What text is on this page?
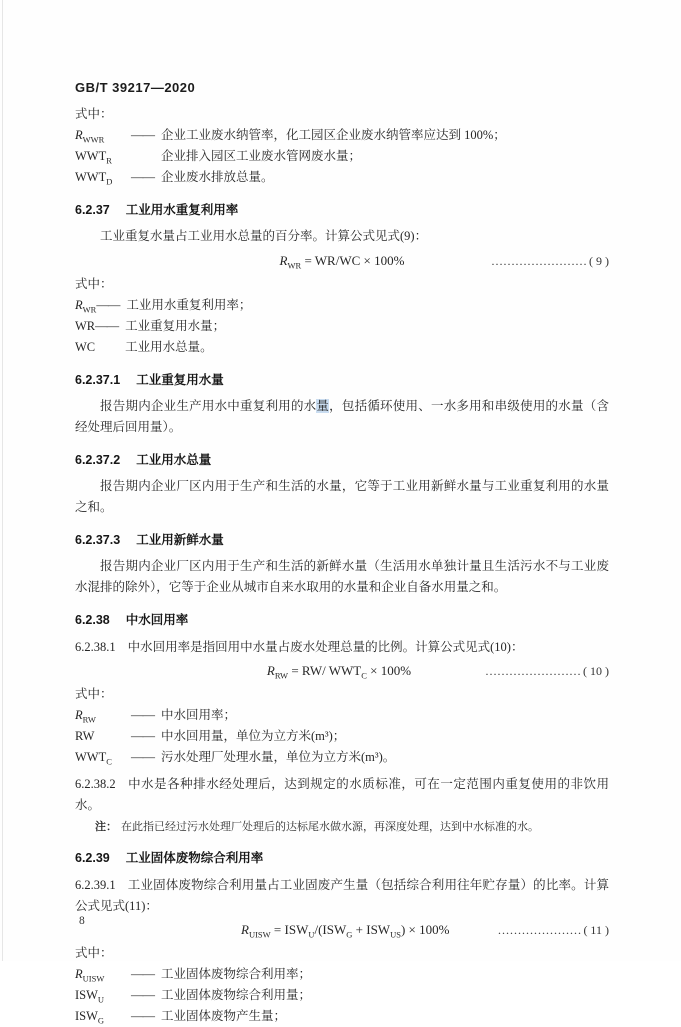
GB/T 39217—2020
式中：
$R_{WWR}$	—— 企业工业废水纳管率，化工园区企业废水纳管率应达到 100%；
$WWT_R$	企业排入园区工业废水管网废水量；
$WWT_D$	—— 企业废水排放总量。
6.2.37 工业用水重复利用率
工业重复水量占工业用水总量的百分率。计算公式见式(9)：
$R_{WR} = WR/WC \times 100\%$	…………………… ( 9 )
式中：
$R_{WR}$ —— 工业用水重复利用率；
WR —— 工业重复用水量；
WC 工业用水总量。
6.2.37.1 工业重复用水量
报告期内企业生产用水中重复利用的水量，包括循环使用、一水多用和串级使用的水量（含经处理后回用量）。
6.2.37.2 工业用水总量
报告期内企业厂区内用于生产和生活的水量，它等于工业用新鲜水量与工业重复利用的水量之和。
6.2.37.3 工业用新鲜水量
报告期内企业厂区内用于生产和生活的新鲜水量（生活用水单独计量且生活污水不与工业废水混排的除外），它等于企业从城市自来水取用的水量和企业自备水用量之和。
6.2.38 中水回用率
6.2.38.1 中水回用率是指回用中水量占废水处理总量的比例。计算公式见式(10)：
$R_{RW} = RW/$ $WWT_C \times 100\%$	…………………… ( 10 )
式中：
$R_{RW}$	—— 中水回用率；
RW	—— 中水回用量，单位为立方米(m³)；
$WWT_C$	—— 污水处理厂处理水量，单位为立方米(m³)。
6.2.38.2 中水是各种排水经处理后，达到规定的水质标准，可在一定范围内重复使用的非饮用水。
注： 在此指已经过污水处理厂处理后的达标尾水做水源，再深度处理，达到中水标准的水。
6.2.39 工业固体废物综合利用率
6.2.39.1 工业固体废物综合利用量占工业固废产生量（包括综合利用往年贮存量）的比率。计算公式见式(11)：
$R_{UISW} = ISW_U/(ISW_G + ISW_{US}) \times 100\%$	………………… ( 11 )
式中：
$R_{UISW}$	—— 工业固体废物综合利用率；
$ISW_U$	—— 工业固体废物综合利用量；
$ISW_G$	—— 工业固体废物产生量；
8
